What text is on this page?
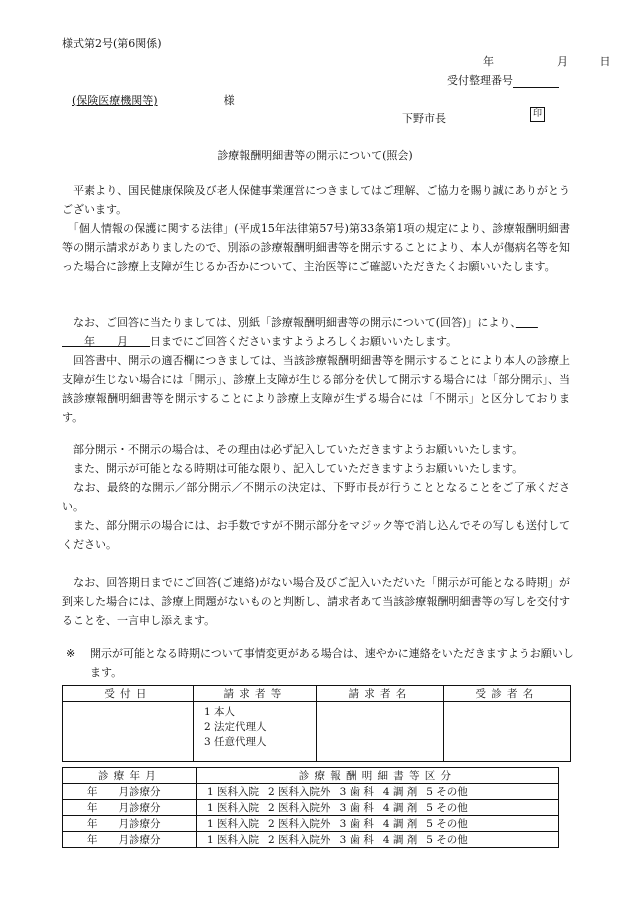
様式第2号(第6関係)
年	月	日
受付整理番号
(保険医療機関等)	様
下野市長	印
診療報酬明細書等の開示について(照会)
　平素より、国民健康保険及び老人保健事業運営につきましてはご理解、ご協力を賜り誠にありがとうございます。
　「個人情報の保護に関する法律」(平成15年法律第57号)第33条第1項の規定により、診療報酬明細書等の開示請求がありましたので、別添の診療報酬明細書等を開示することにより、本人が傷病名等を知った場合に診療上支障が生じるか否かについて、主治医等にご確認いただきたくお願いいたします。
　なお、ご回答に当たりましては、別紙「診療報酬明細書等の開示について(回答)」により、　　
　　年　　 月　　 日までにご回答くださいますようよろしくお願いいたします。
　回答書中、開示の適否欄につきましては、当該診療報酬明細書等を開示することにより本人の診療上支障が生じない場合には「開示」、診療上支障が生じる部分を伏して開示する場合には「部分開示」、当該診療報酬明細書等を開示することにより診療上支障が生ずる場合には「不開示」と区分しております。
　部分開示・不開示の場合は、その理由は必ず記入していただきますようお願いいたします。
　また、開示が可能となる時期は可能な限り、記入していただきますようお願いいたします。
　なお、最終的な開示／部分開示／不開示の決定は、下野市長が行うこととなることをご了承ください。
　また、部分開示の場合には、お手数ですが不開示部分をマジック等で消し込んでその写しも送付してください。
　なお、回答期日までにご回答(ご連絡)がない場合及びご記入いただいた「開示が可能となる時期」が到来した場合には、診療上問題がないものと判断し、請求者あて当該診療報酬明細書等の写しを交付することを、一言申し添えます。
※ 開示が可能となる時期について事情変更がある場合は、速やかに連絡をいただきますようお願いします。
受付日	請求者等	請求者名	受診者名

	1 本人
2 法定代理人
3 任意代理人		

診療年月	診療報酬明細書等区分
年　　 月診療分	1 医科入院 2 医科入院外 3 歯 科 4 調 剤 5 その他
年　　 月診療分	1 医科入院 2 医科入院外 3 歯 科 4 調 剤 5 その他
年　　 月診療分	1 医科入院 2 医科入院外 3 歯 科 4 調 剤 5 その他
年　　 月診療分	1 医科入院 2 医科入院外 3 歯 科 4 調 剤 5 その他
